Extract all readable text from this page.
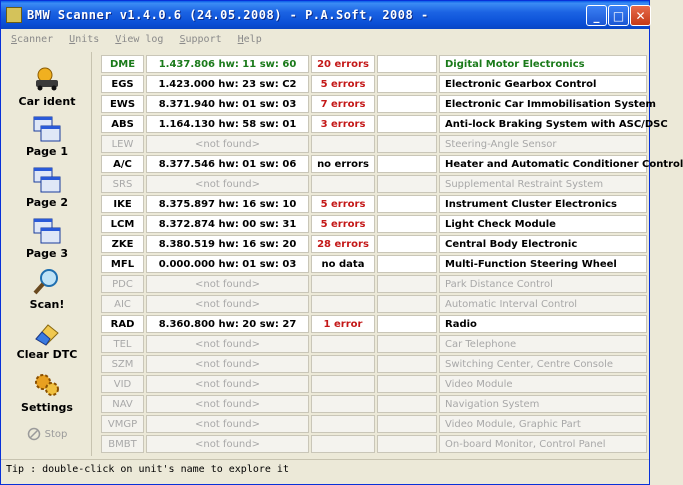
BMW Scanner v1.4.0.6 (24.05.2008) - P.A.Soft, 2008 -	_	□ ✕
Scanner Units View log Support Help
Car ident
Page 1
Page 2
Page 3
Scan!
Clear DTC
Settings
Stop
DME	1.437.806 hw: 11 sw: 60	20 errors	Digital Motor Electronics
EGS	1.423.000 hw: 23 sw: C2	5 errors	Electronic Gearbox Control
EWS	8.371.940 hw: 01 sw: 03	7 errors	Electronic Car Immobilisation System
ABS	1.164.130 hw: 58 sw: 01	3 errors	Anti-lock Braking System with ASC/DSC
LEW	<not found>	Steering-Angle Sensor
A/C	8.377.546 hw: 01 sw: 06	no errors	Heater and Automatic Conditioner Control
SRS	<not found>	Supplemental Restraint System
IKE	8.375.897 hw: 16 sw: 10	5 errors	Instrument Cluster Electronics
LCM	8.372.874 hw: 00 sw: 31	5 errors	Light Check Module
ZKE	8.380.519 hw: 16 sw: 20	28 errors	Central Body Electronic
MFL	0.000.000 hw: 01 sw: 03	no data	Multi-Function Steering Wheel
PDC	<not found>	Park Distance Control
AIC	<not found>	Automatic Interval Control
RAD	8.360.800 hw: 20 sw: 27	1 error	Radio
TEL	<not found>	Car Telephone
SZM	<not found>	Switching Center, Centre Console
VID	<not found>	Video Module
NAV	<not found>	Navigation System
VMGP	<not found>	Video Module, Graphic Part
BMBT	<not found>	On-board Monitor, Control Panel
Tip : double-click on unit's name to explore it
